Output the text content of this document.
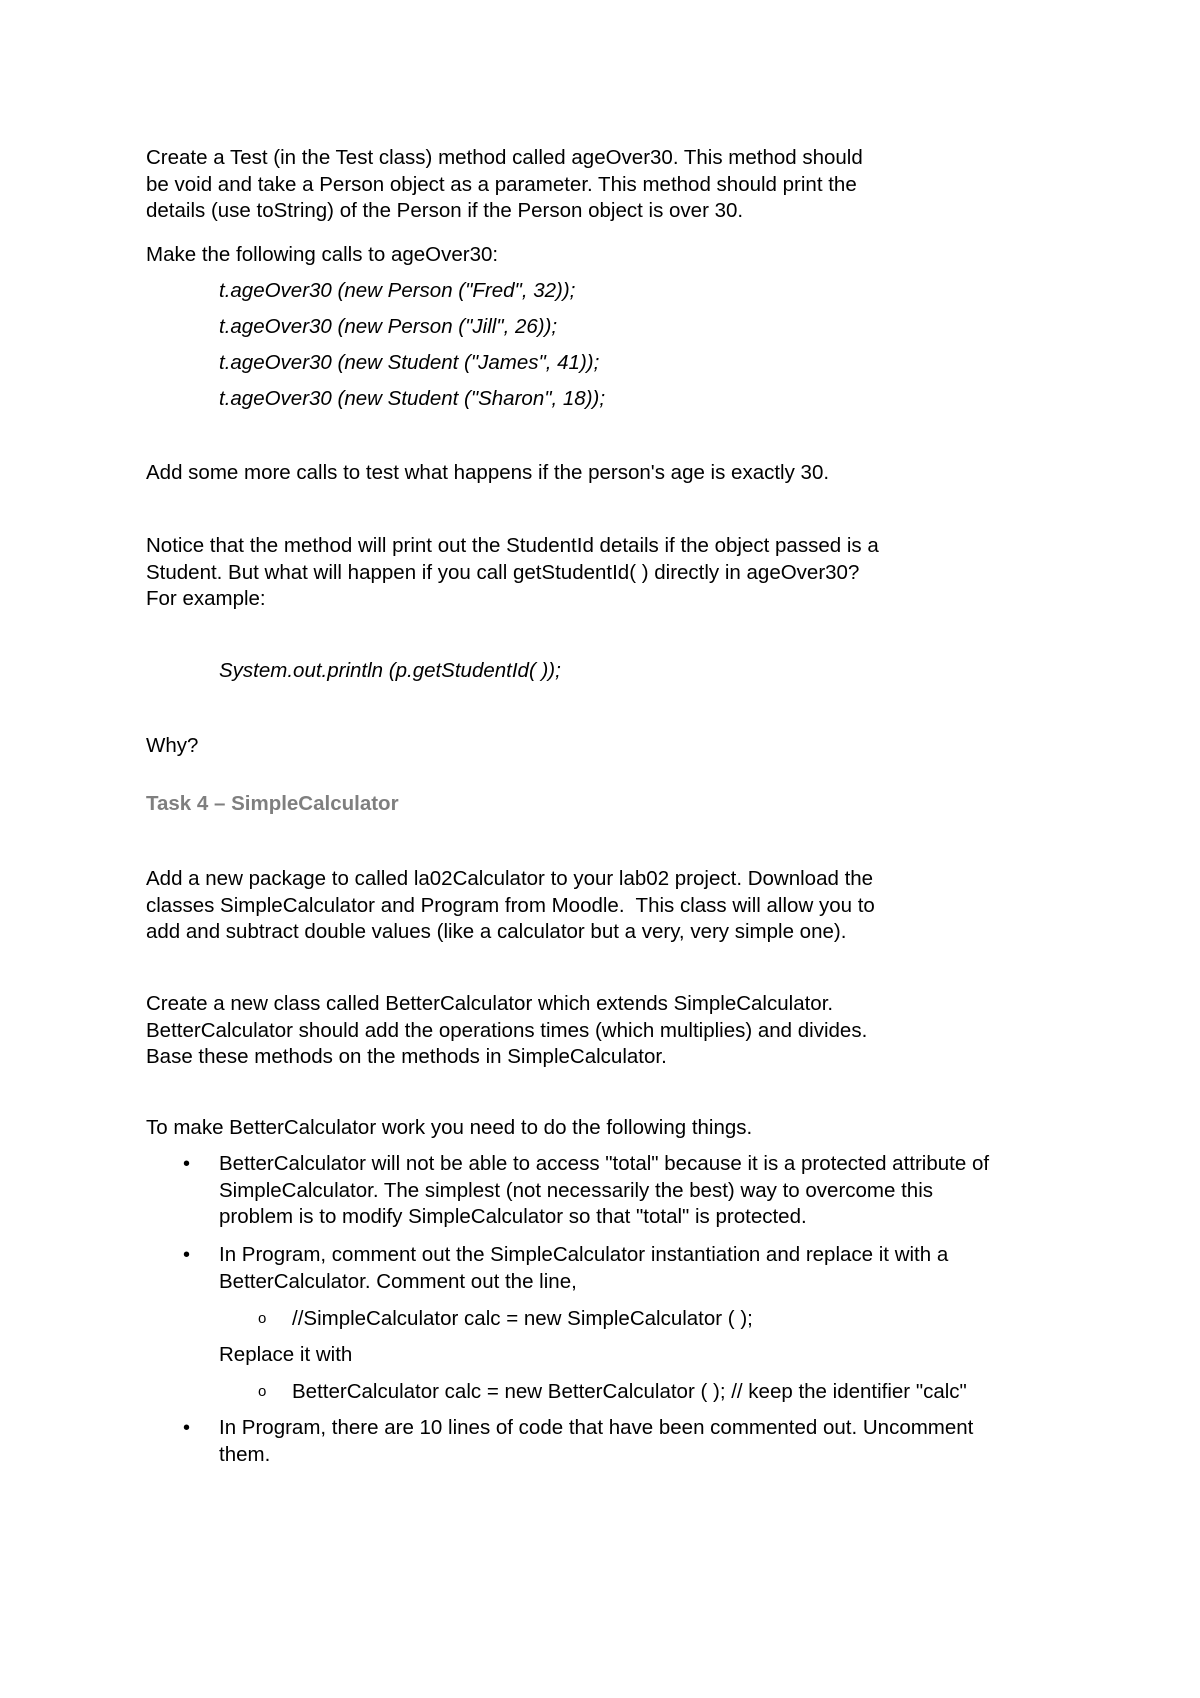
Create a Test (in the Test class) method called ageOver30. This method should
be void and take a Person object as a parameter. This method should print the
details (use toString) of the Person if the Person object is over 30.
Make the following calls to ageOver30:
t.ageOver30 (new Person ("Fred", 32));
t.ageOver30 (new Person ("Jill", 26));
t.ageOver30 (new Student ("James", 41));
t.ageOver30 (new Student ("Sharon", 18));
Add some more calls to test what happens if the person's age is exactly 30.
Notice that the method will print out the StudentId details if the object passed is a
Student. But what will happen if you call getStudentId( ) directly in ageOver30?
For example:
System.out.println (p.getStudentId( ));
Why?
Task 4 – SimpleCalculator
Add a new package to called la02Calculator to your lab02 project. Download the
classes SimpleCalculator and Program from Moodle.  This class will allow you to
add and subtract double values (like a calculator but a very, very simple one).
Create a new class called BetterCalculator which extends SimpleCalculator.
BetterCalculator should add the operations times (which multiplies) and divides.
Base these methods on the methods in SimpleCalculator.
To make BetterCalculator work you need to do the following things.
• BetterCalculator will not be able to access "total" because it is a protected attribute of
SimpleCalculator. The simplest (not necessarily the best) way to overcome this
problem is to modify SimpleCalculator so that "total" is protected.
• In Program, comment out the SimpleCalculator instantiation and replace it with a
BetterCalculator. Comment out the line,
o //SimpleCalculator calc = new SimpleCalculator ( );
Replace it with
o BetterCalculator calc = new BetterCalculator ( ); // keep the identifier "calc"
• In Program, there are 10 lines of code that have been commented out. Uncomment
them.
